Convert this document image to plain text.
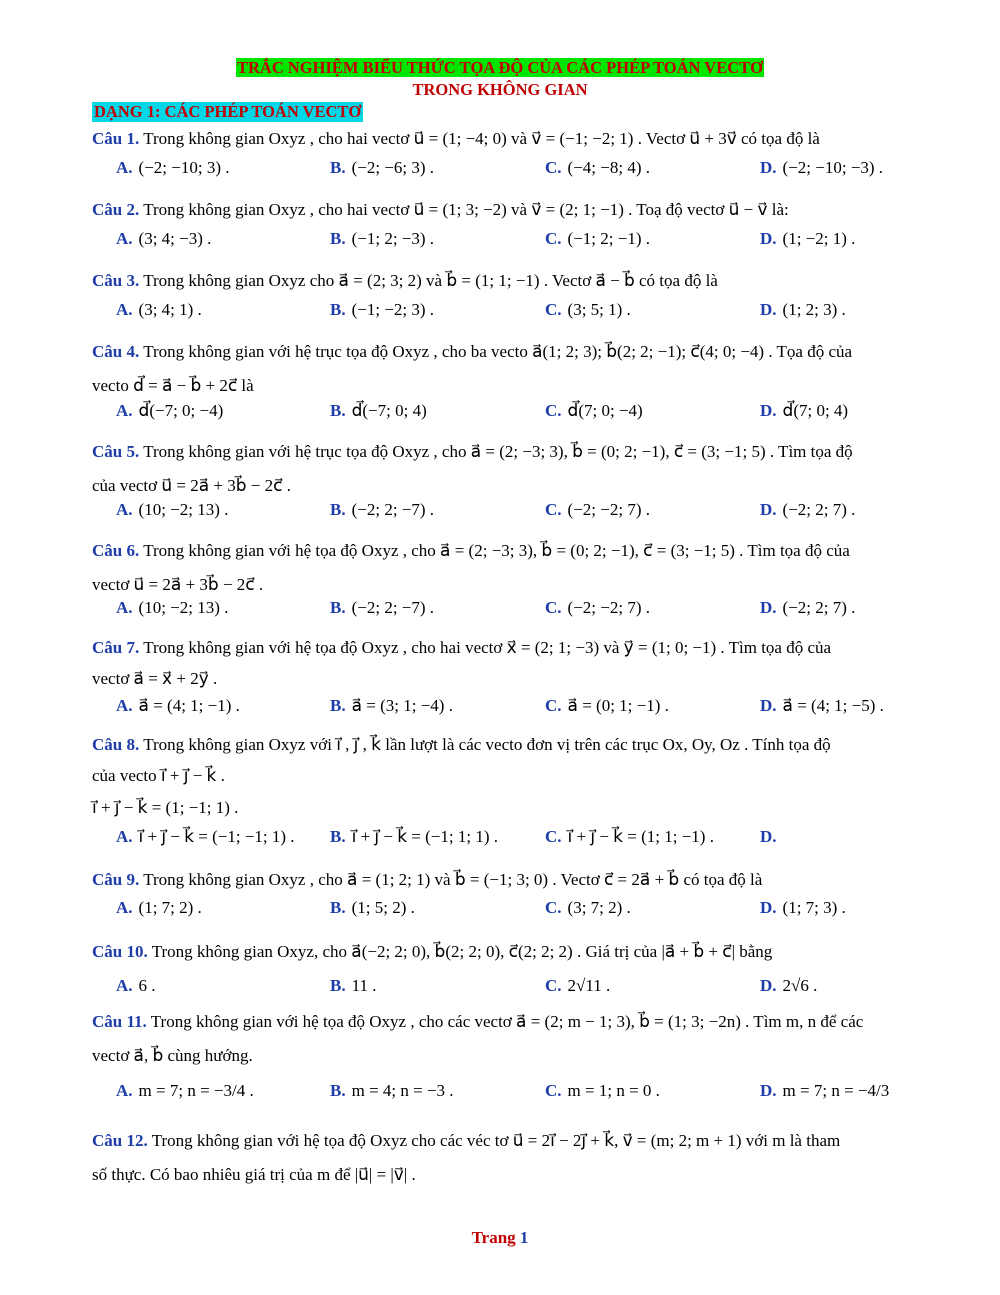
TRẮC NGHIỆM BIỂU THỨC TỌA ĐỘ CỦA CÁC PHÉP TOÁN VECTƠ
TRONG KHÔNG GIAN
DẠNG 1: CÁC PHÉP TOÁN VECTƠ
Câu 1. Trong không gian Oxyz , cho hai vectơ u⃗ = (1; −4; 0) và v⃗ = (−1; −2; 1) . Vectơ u⃗ + 3v⃗ có tọa độ là
A. (−2; −10; 3) .	B. (−2; −6; 3) .	C. (−4; −8; 4) .	D. (−2; −10; −3) .
Câu 2. Trong không gian Oxyz , cho hai vectơ u⃗ = (1; 3; −2) và v⃗ = (2; 1; −1) . Toạ độ vectơ u⃗ − v⃗ là:
A. (3; 4; −3) .	B. (−1; 2; −3) .	C. (−1; 2; −1) .	D. (1; −2; 1) .
Câu 3. Trong không gian Oxyz cho a⃗ = (2; 3; 2) và b⃗ = (1; 1; −1) . Vectơ a⃗ − b⃗ có tọa độ là
A. (3; 4; 1) .	B. (−1; −2; 3) .	C. (3; 5; 1) .	D. (1; 2; 3) .
Câu 4. Trong không gian với hệ trục tọa độ Oxyz , cho ba vecto a⃗(1; 2; 3); b⃗(2; 2; −1); c⃗(4; 0; −4) . Tọa độ của
vecto d⃗ = a⃗ − b⃗ + 2c⃗ là
A. d⃗(−7; 0; −4)	B. d⃗(−7; 0; 4)	C. d⃗(7; 0; −4)	D. d⃗(7; 0; 4)
Câu 5. Trong không gian với hệ trục tọa độ Oxyz , cho a⃗ = (2; −3; 3), b⃗ = (0; 2; −1), c⃗ = (3; −1; 5) . Tìm tọa độ
của vectơ u⃗ = 2a⃗ + 3b⃗ − 2c⃗ .
A. (10; −2; 13) .	B. (−2; 2; −7) .	C. (−2; −2; 7) .	D. (−2; 2; 7) .
Câu 6. Trong không gian với hệ tọa độ Oxyz , cho a⃗ = (2; −3; 3), b⃗ = (0; 2; −1), c⃗ = (3; −1; 5) . Tìm tọa độ của
vectơ u⃗ = 2a⃗ + 3b⃗ − 2c⃗ .
A. (10; −2; 13) .	B. (−2; 2; −7) .	C. (−2; −2; 7) .	D. (−2; 2; 7) .
Câu 7. Trong không gian với hệ tọa độ Oxyz , cho hai vectơ x⃗ = (2; 1; −3) và y⃗ = (1; 0; −1) . Tìm tọa độ của
vectơ a⃗ = x⃗ + 2y⃗ .
A. a⃗ = (4; 1; −1) .	B. a⃗ = (3; 1; −4) .	C. a⃗ = (0; 1; −1) .	D. a⃗ = (4; 1; −5) .
Câu 8. Trong không gian Oxyz với i⃗ , j⃗ , k⃗ lần lượt là các vecto đơn vị trên các trục Ox, Oy, Oz . Tính tọa độ
của vecto i⃗ + j⃗ − k⃗ .
i⃗ + j⃗ − k⃗ = (1; −1; 1) .
A. i⃗ + j⃗ − k⃗ = (−1; −1; 1) . B. i⃗ + j⃗ − k⃗ = (−1; 1; 1) .	C. i⃗ + j⃗ − k⃗ = (1; 1; −1) .	D.
Câu 9. Trong không gian Oxyz , cho a⃗ = (1; 2; 1) và b⃗ = (−1; 3; 0) . Vectơ c⃗ = 2a⃗ + b⃗ có tọa độ là
A. (1; 7; 2) .	B. (1; 5; 2) .	C. (3; 7; 2) .	D. (1; 7; 3) .
Câu 10. Trong không gian Oxyz, cho a⃗(−2; 2; 0), b⃗(2; 2; 0), c⃗(2; 2; 2) . Giá trị của |a⃗ + b⃗ + c⃗| bằng
A. 6 .	B. 11 .	C. 2√11 .	D. 2√6 .
Câu 11. Trong không gian với hệ tọa độ Oxyz , cho các vectơ a⃗ = (2; m − 1; 3), b⃗ = (1; 3; −2n) . Tìm m, n để các
vectơ a⃗, b⃗ cùng hướng.
A. m = 7; n = −3/4 .	B. m = 4; n = −3 .	C. m = 1; n = 0 .	D. m = 7; n = −4/3
Câu 12. Trong không gian với hệ tọa độ Oxyz cho các véc tơ u⃗ = 2i⃗ − 2j⃗ + k⃗, v⃗ = (m; 2; m + 1) với m là tham
số thực. Có bao nhiêu giá trị của m để |u⃗| = |v⃗| .
Trang 1
